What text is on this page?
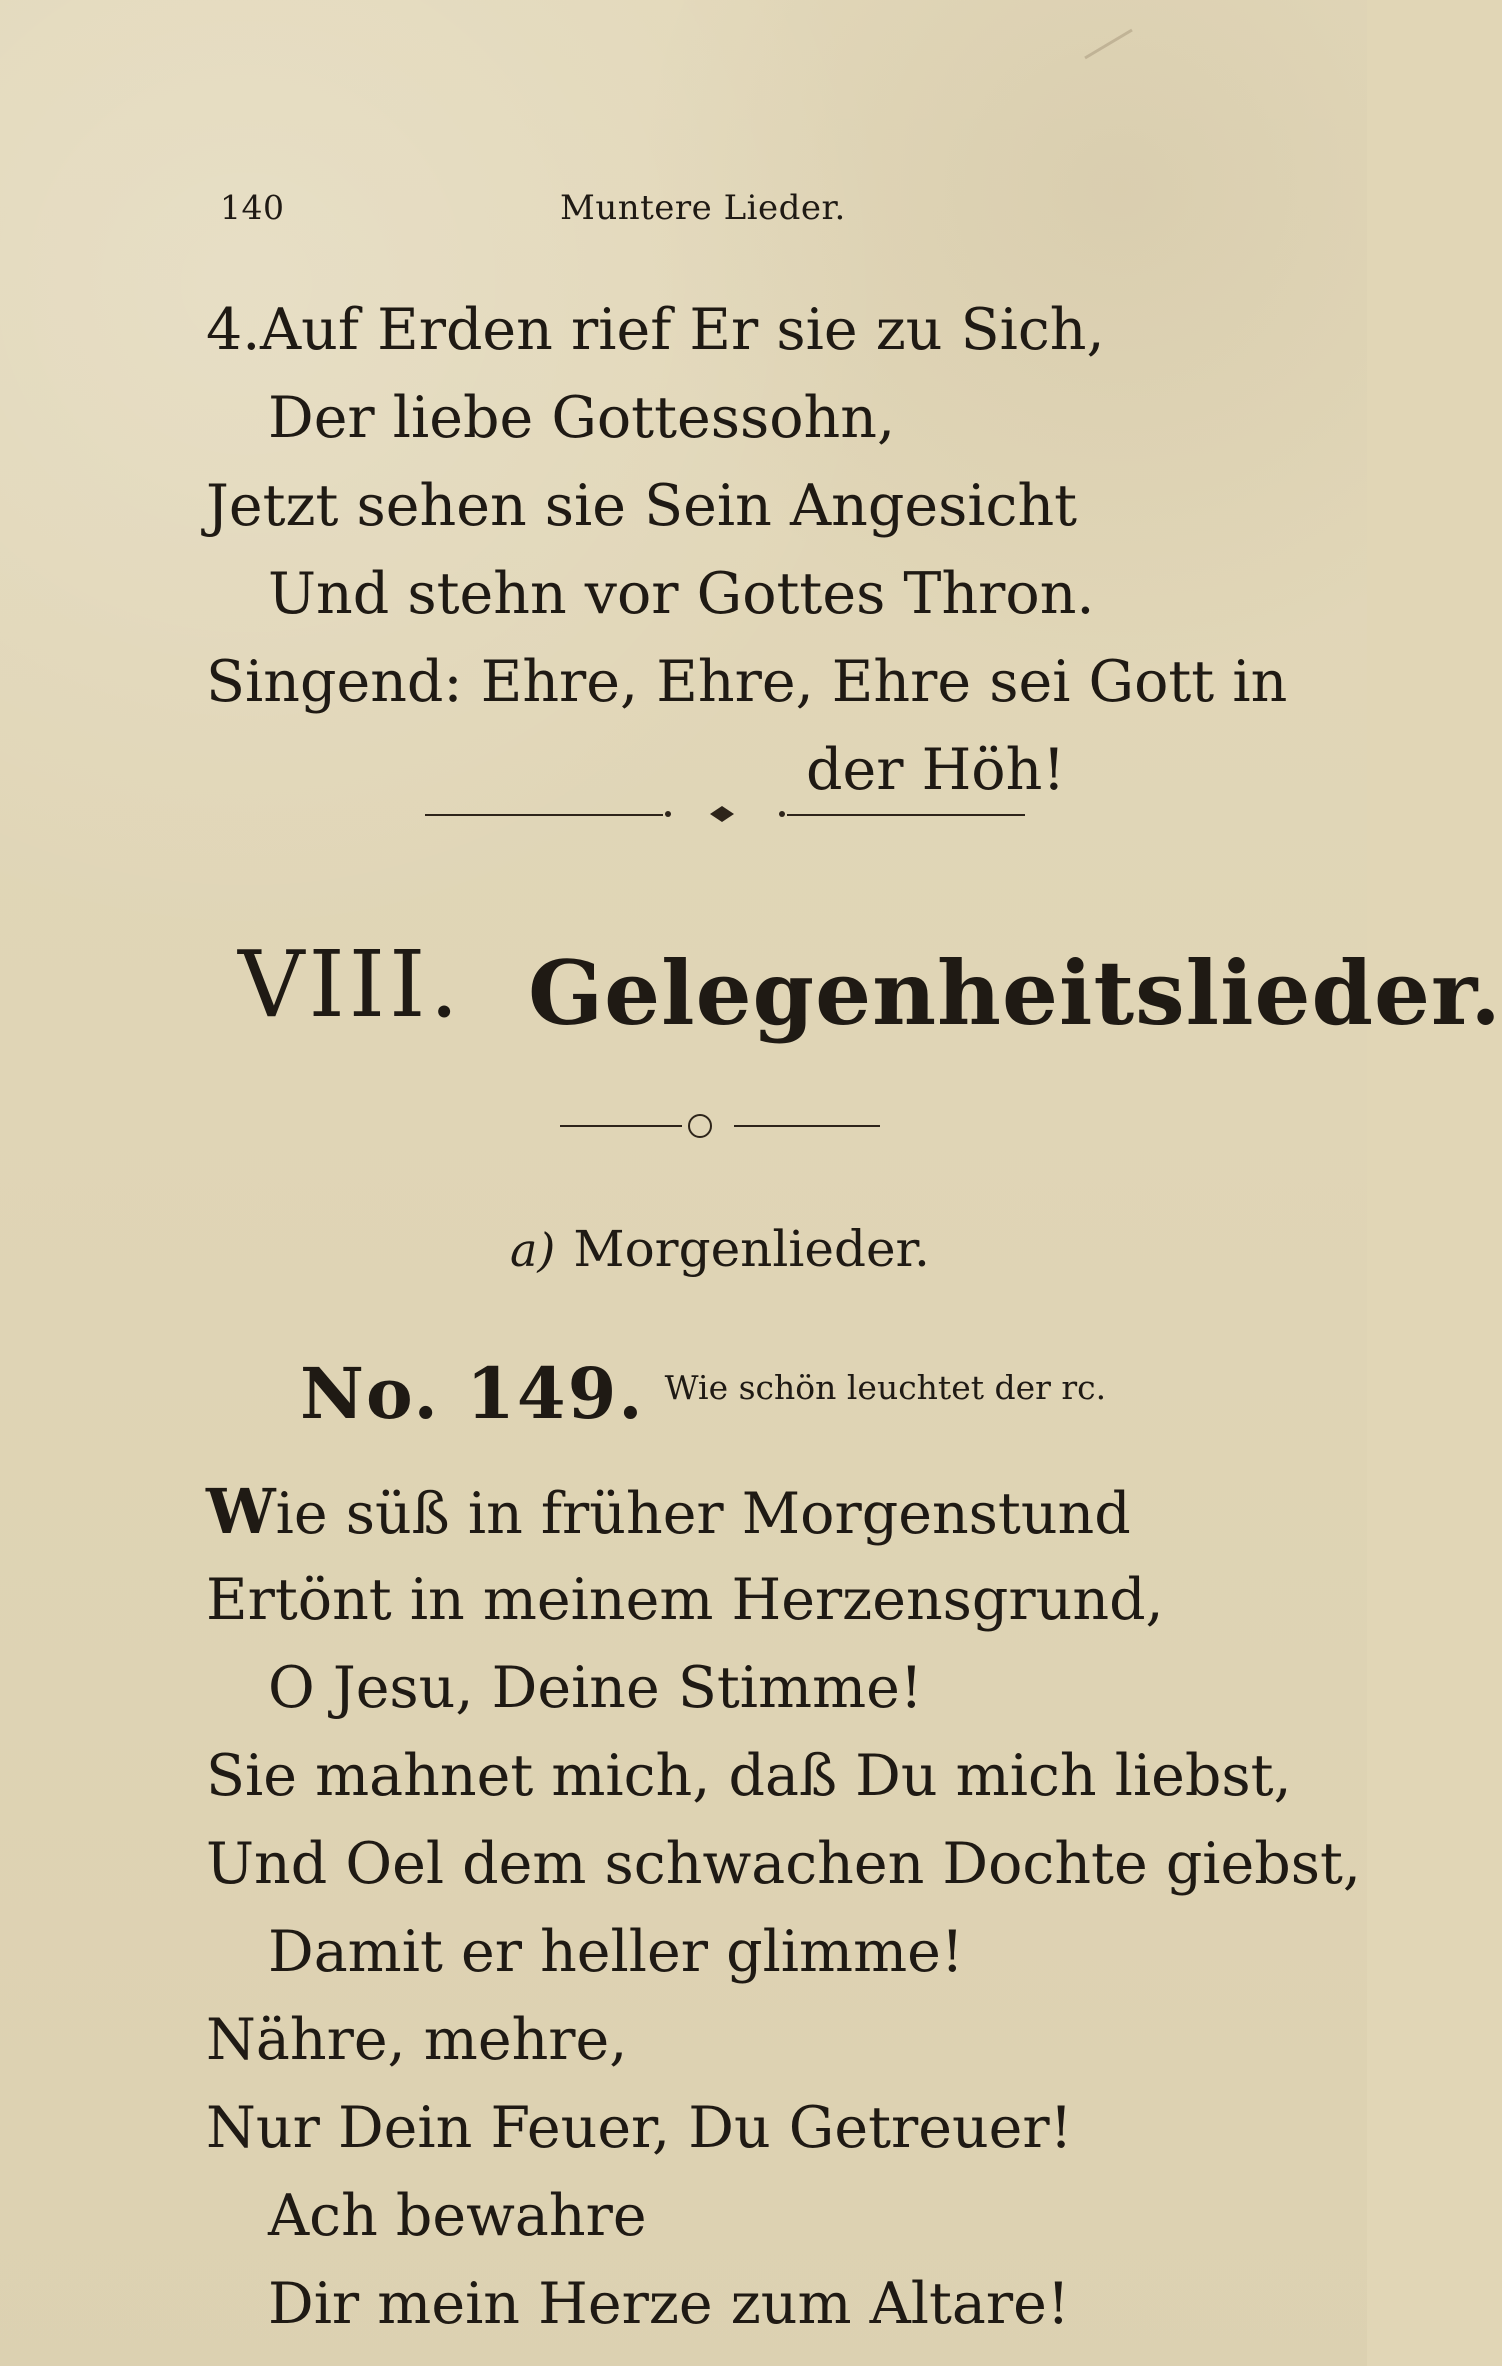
140	Muntere Lieder.
4.Auf Erden rief Er sie zu Sich,
Der liebe Gottessohn,
Jetzt sehen sie Sein Angesicht
Und stehn vor Gottes Thron.
Singend: Ehre, Ehre, Ehre sei Gott in
der Höh!
VIII. Gelegenheitslieder.
a) Morgenlieder.
No. 149. Wie schön leuchtet der rc.
Wie süß in früher Morgenstund
Ertönt in meinem Herzensgrund,
O Jesu, Deine Stimme!
Sie mahnet mich, daß Du mich liebst,
Und Oel dem schwachen Dochte giebst,
Damit er heller glimme!
Nähre, mehre,
Nur Dein Feuer, Du Getreuer!
Ach bewahre
Dir mein Herze zum Altare!
